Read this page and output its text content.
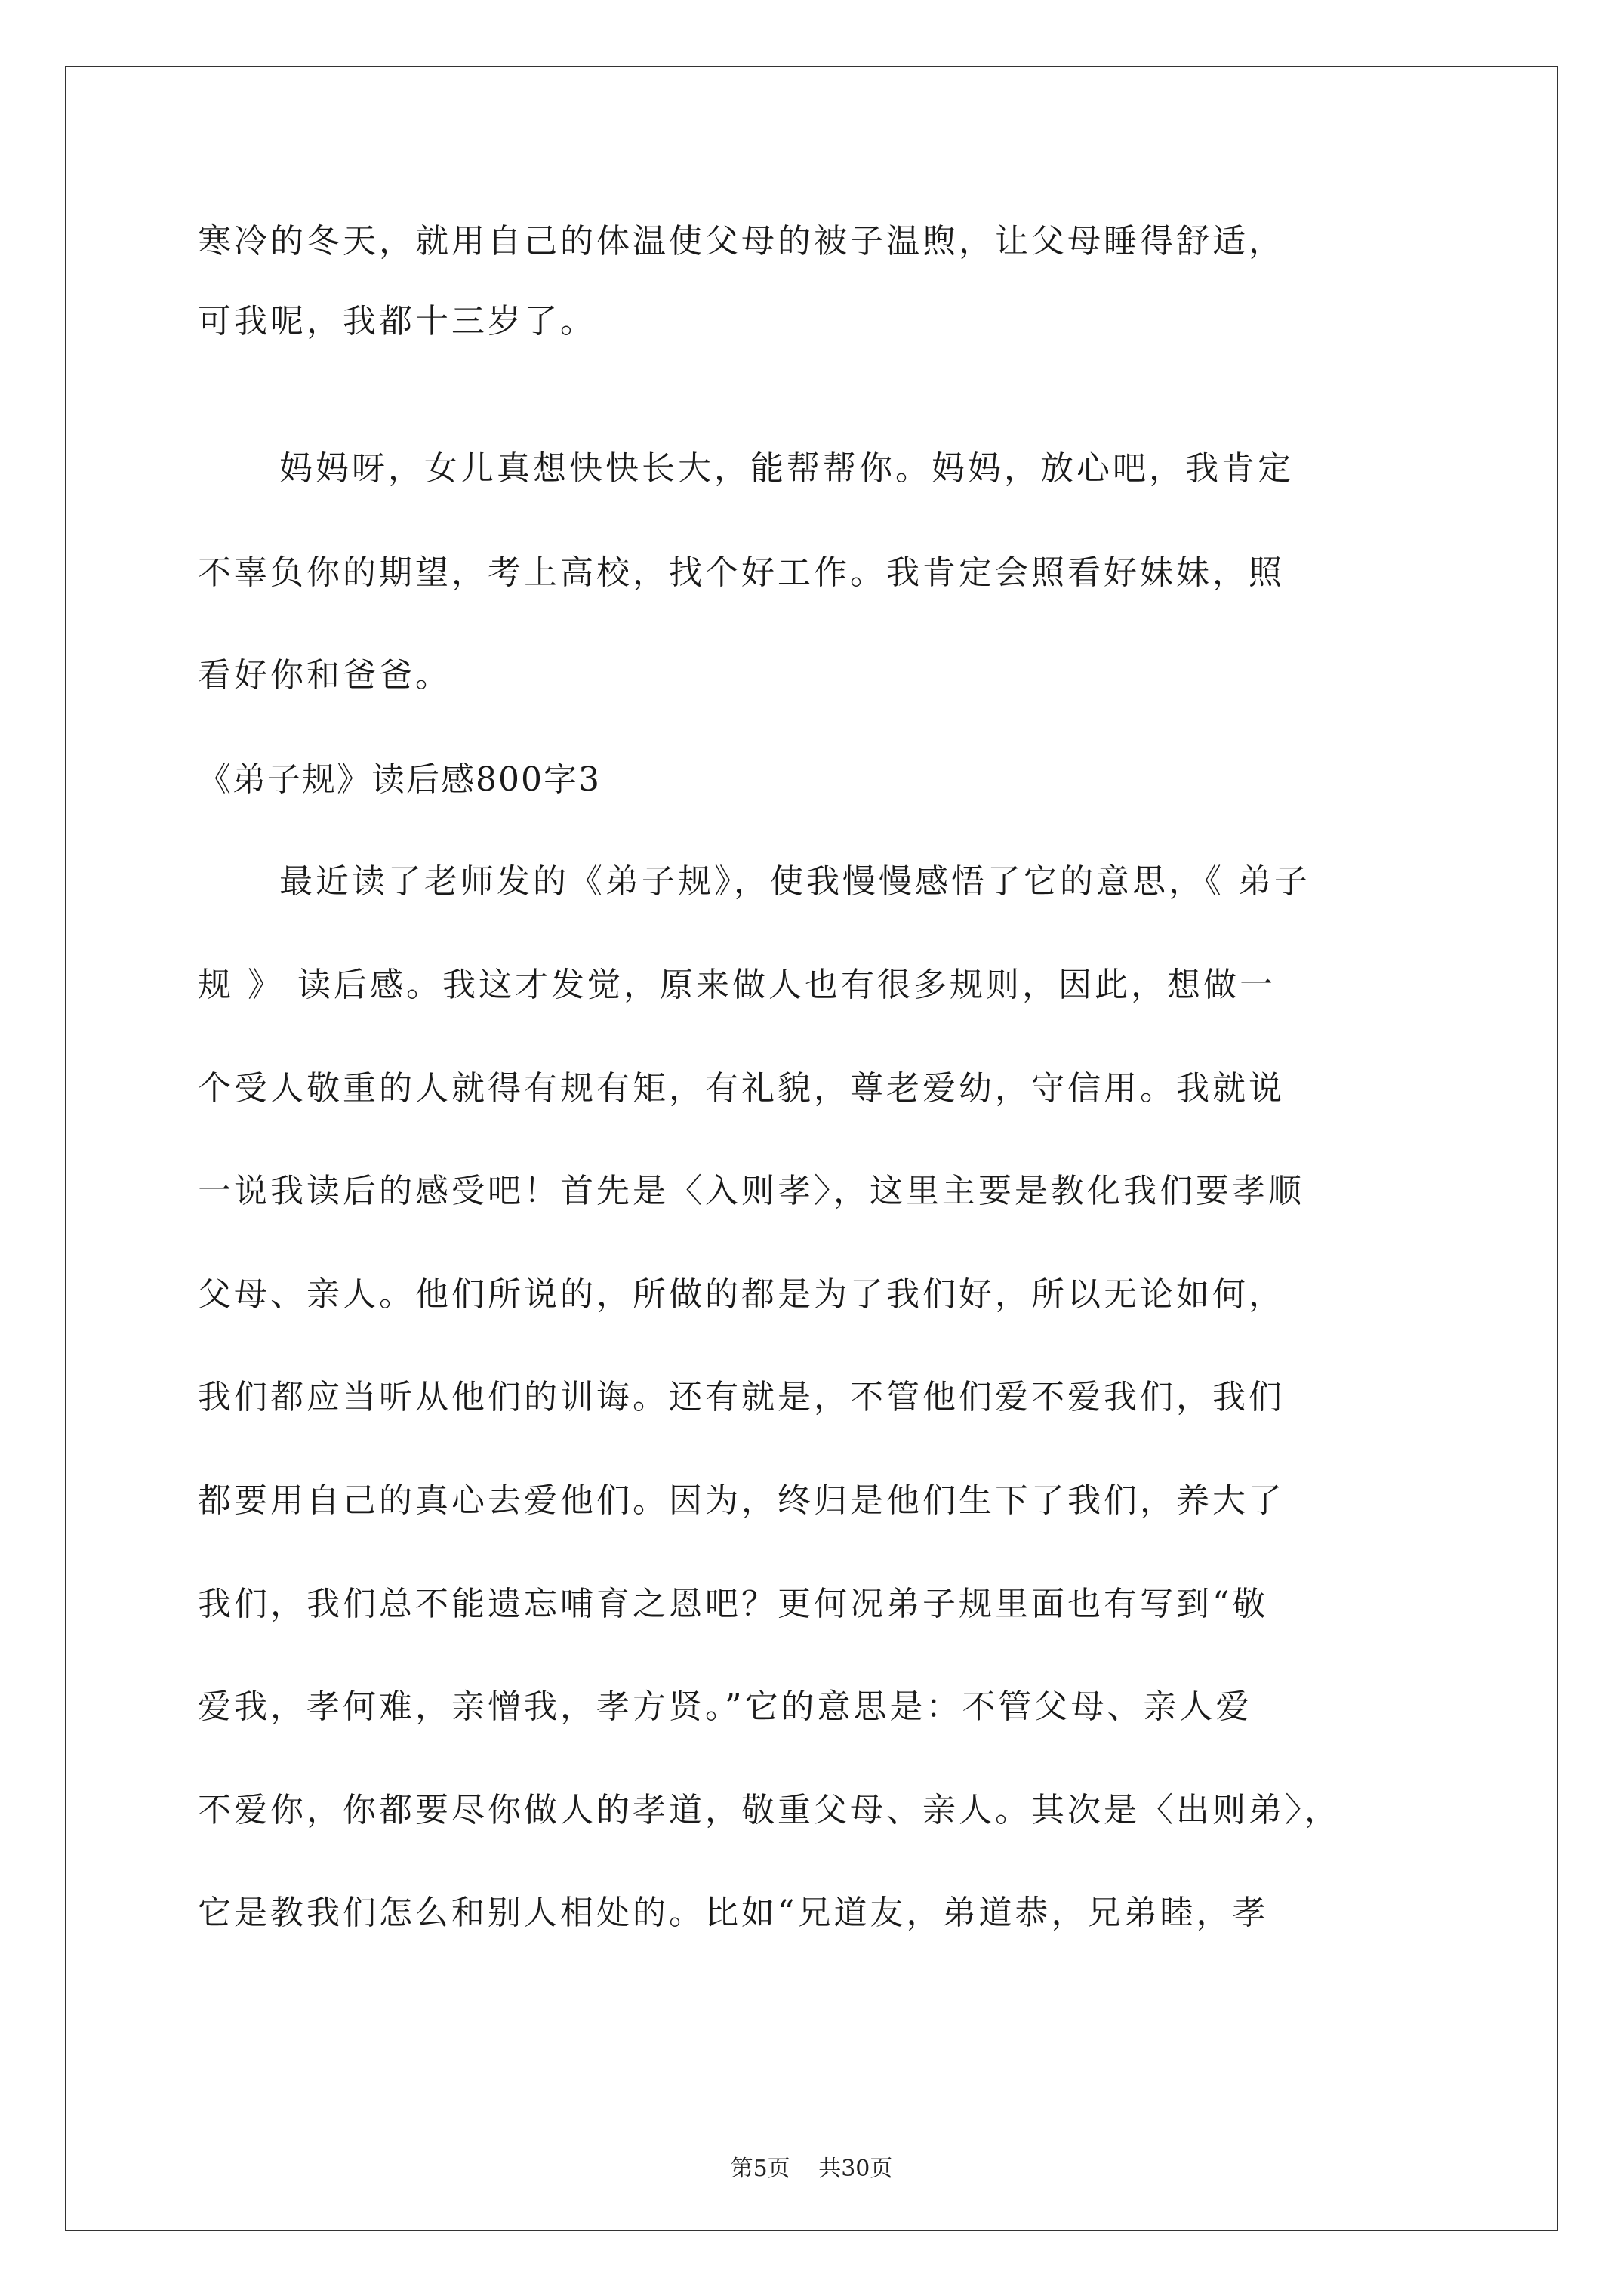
寒冷的冬天，就用自己的体温使父母的被子温煦，让父母睡得舒适，
可我呢，我都十三岁了。
妈妈呀，女儿真想快快长大，能帮帮你。妈妈，放心吧，我肯定
不辜负你的期望，考上高校，找个好工作。我肯定会照看好妹妹，照
看好你和爸爸。
《弟子规》读后感800字3
最近读了老师发的《弟子规》，使我慢慢感悟了它的意思，《 弟子
规 》 读后感。我这才发觉，原来做人也有很多规则，因此，想做一
个受人敬重的人就得有规有矩，有礼貌，尊老爱幼，守信用。我就说
一说我读后的感受吧！首先是〈入则孝〉，这里主要是教化我们要孝顺
父母、亲人。他们所说的，所做的都是为了我们好，所以无论如何，
我们都应当听从他们的训诲。还有就是，不管他们爱不爱我们，我们
都要用自己的真心去爱他们。因为，终归是他们生下了我们，养大了
我们，我们总不能遗忘哺育之恩吧？更何况弟子规里面也有写到“敬
爱我，孝何难，亲憎我，孝方贤。”它的意思是：不管父母、亲人爱
不爱你，你都要尽你做人的孝道，敬重父母、亲人。其次是〈出则弟〉，
它是教我们怎么和别人相处的。比如“兄道友，弟道恭，兄弟睦，孝
第5页 共30页
